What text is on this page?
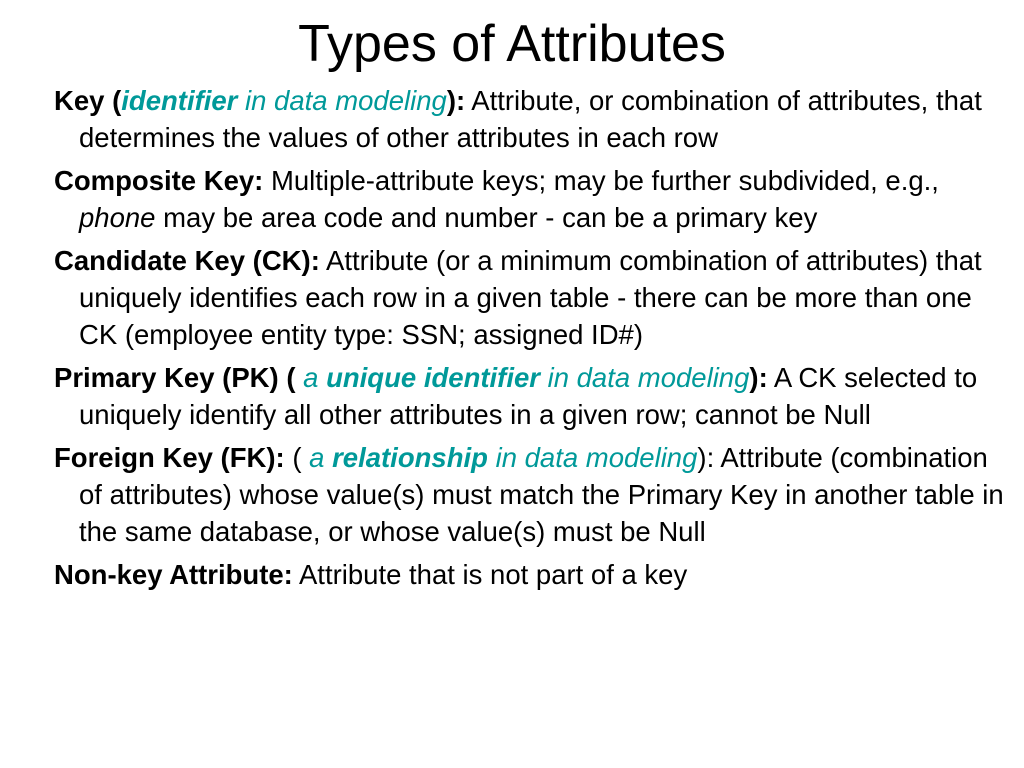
Types of Attributes

Key (identifier in data modeling): Attribute, or combination of attributes, that determines the values of other attributes in each row

Composite Key: Multiple-attribute keys; may be further subdivided, e.g., phone may be area code and number - can be a primary key

Candidate Key (CK): Attribute (or a minimum combination of attributes) that uniquely identifies each row in a given table - there can be more than one CK (employee entity type: SSN; assigned ID#)

Primary Key (PK) ( a unique identifier in data modeling): A CK selected to uniquely identify all other attributes in a given row; cannot be Null

Foreign Key (FK): ( a relationship in data modeling): Attribute (combination of attributes) whose value(s) must match the Primary Key in another table in the same database, or whose value(s) must be Null

Non-key Attribute: Attribute that is not part of a key
